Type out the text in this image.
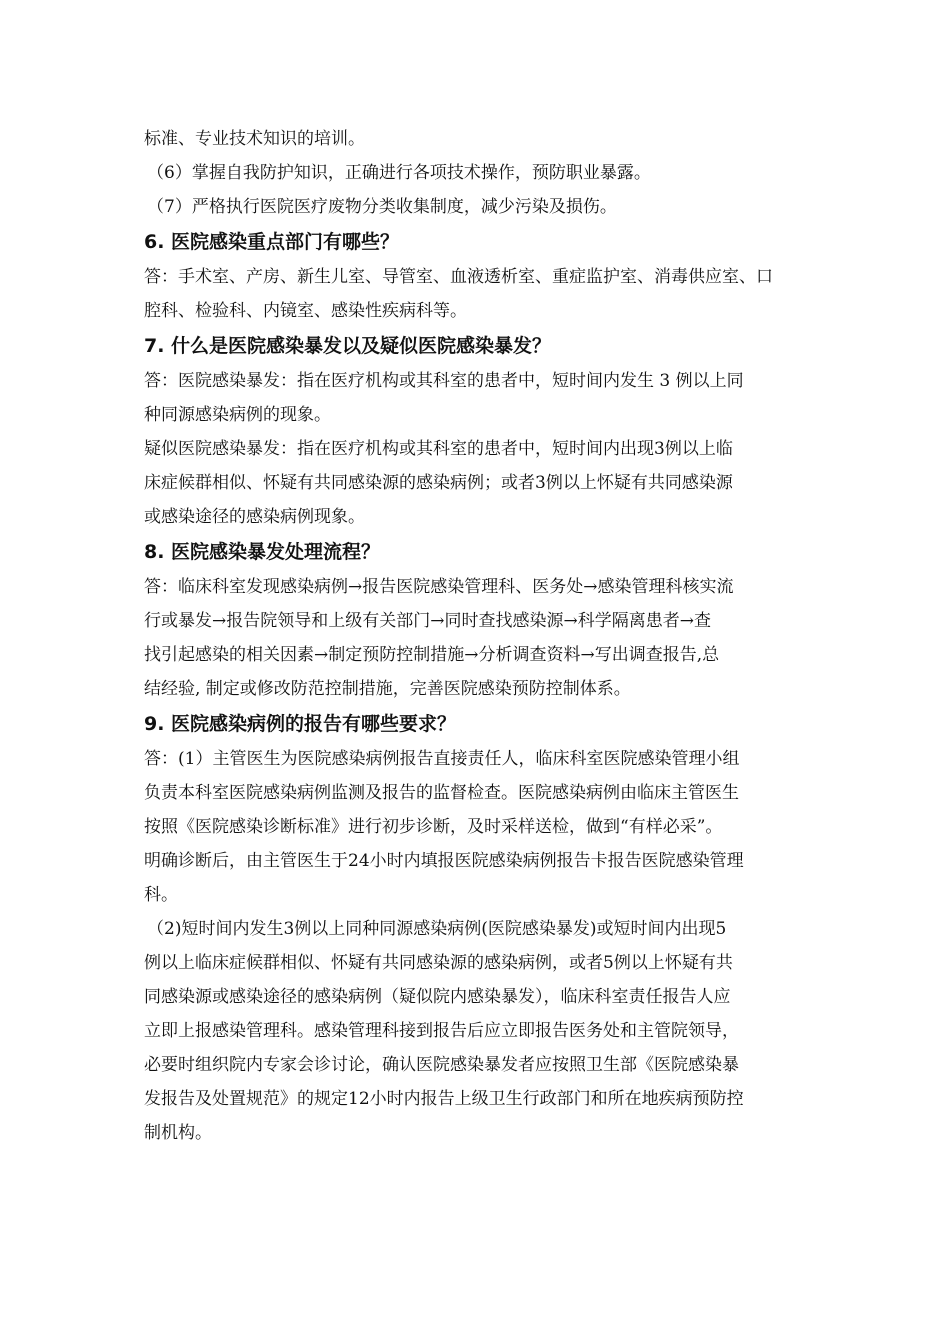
标准、专业技术知识的培训。
（6）掌握自我防护知识，正确进行各项技术操作，预防职业暴露。
（7）严格执行医院医疗废物分类收集制度，减少污染及损伤。
6. 医院感染重点部门有哪些？
答：手术室、产房、新生儿室、导管室、血液透析室、重症监护室、消毒供应室、口
腔科、检验科、内镜室、感染性疾病科等。
7. 什么是医院感染暴发以及疑似医院感染暴发？
答：医院感染暴发：指在医疗机构或其科室的患者中，短时间内发生 3 例以上同
种同源感染病例的现象。
疑似医院感染暴发：指在医疗机构或其科室的患者中，短时间内出现3例以上临
床症候群相似、怀疑有共同感染源的感染病例；或者3例以上怀疑有共同感染源
或感染途径的感染病例现象。
8. 医院感染暴发处理流程？
答：临床科室发现感染病例→报告医院感染管理科、医务处→感染管理科核实流
行或暴发→报告院领导和上级有关部门→同时查找感染源→科学隔离患者→查
找引起感染的相关因素→制定预防控制措施→分析调查资料→写出调查报告,总
结经验, 制定或修改防范控制措施，完善医院感染预防控制体系。
9. 医院感染病例的报告有哪些要求？
答：(1）主管医生为医院感染病例报告直接责任人，临床科室医院感染管理小组
负责本科室医院感染病例监测及报告的监督检查。医院感染病例由临床主管医生
按照《医院感染诊断标准》进行初步诊断，及时采样送检，做到“有样必采”。
明确诊断后，由主管医生于24小时内填报医院感染病例报告卡报告医院感染管理
科。
（2)短时间内发生3例以上同种同源感染病例(医院感染暴发)或短时间内出现5
例以上临床症候群相似、怀疑有共同感染源的感染病例，或者5例以上怀疑有共
同感染源或感染途径的感染病例（疑似院内感染暴发），临床科室责任报告人应
立即上报感染管理科。感染管理科接到报告后应立即报告医务处和主管院领导，
必要时组织院内专家会诊讨论，确认医院感染暴发者应按照卫生部《医院感染暴
发报告及处置规范》的规定12小时内报告上级卫生行政部门和所在地疾病预防控
制机构。
